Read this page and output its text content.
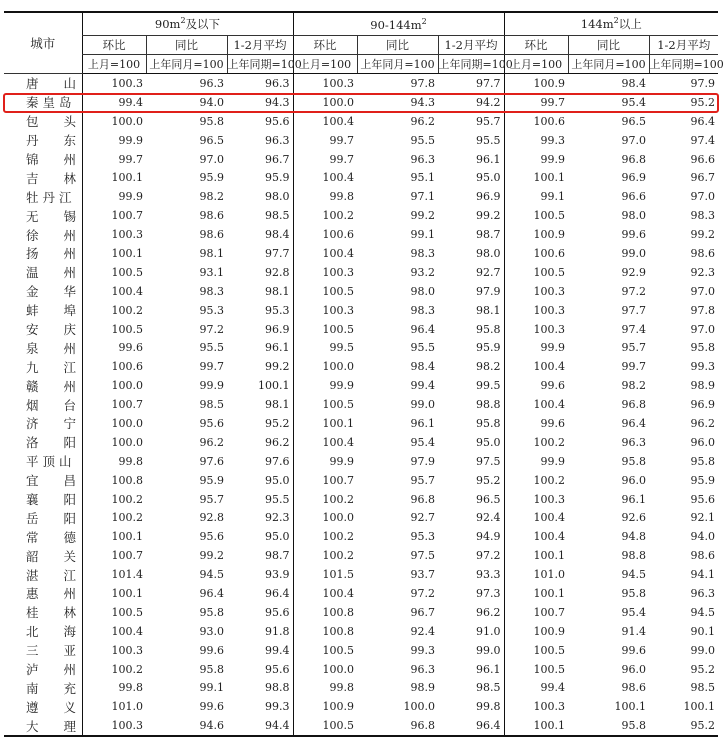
城市	$90m^2$及以下			$90-144m^2$			$144m^2$以上		
	环比	同比	1-2月平均	环比	同比	1-2月平均	环比	同比	1-2月平均
	上月=100	上年同月=100	上年同期=100	上月=100	上年同月=100	上年同期=100	上月=100	上年同月=100	上年同期=100
唐　　山	100.3	96.3	96.3	100.3	97.8	97.7	100.9	98.4	97.9
秦 皇 岛	99.4	94.0	94.3	100.0	94.3	94.2	99.7	95.4	95.2
包　　头	100.0	95.8	95.6	100.4	96.2	95.7	100.6	96.5	96.4
丹　　东	99.9	96.5	96.3	99.7	95.5	95.5	99.3	97.0	97.4
锦　　州	99.7	97.0	96.7	99.7	96.3	96.1	99.9	96.8	96.6
吉　　林	100.1	95.9	95.9	100.4	95.1	95.0	100.1	96.9	96.7
牡 丹 江	99.9	98.2	98.0	99.8	97.1	96.9	99.1	96.6	97.0
无　　锡	100.7	98.6	98.5	100.2	99.2	99.2	100.5	98.0	98.3
徐　　州	100.3	98.6	98.4	100.6	99.1	98.7	100.9	99.6	99.2
扬　　州	100.1	98.1	97.7	100.4	98.3	98.0	100.6	99.0	98.6
温　　州	100.5	93.1	92.8	100.3	93.2	92.7	100.5	92.9	92.3
金　　华	100.4	98.3	98.1	100.5	98.0	97.9	100.3	97.2	97.0
蚌　　埠	100.2	95.3	95.3	100.3	98.3	98.1	100.3	97.7	97.8
安　　庆	100.5	97.2	96.9	100.5	96.4	95.8	100.3	97.4	97.0
泉　　州	99.6	95.5	96.1	99.5	95.5	95.9	99.9	95.7	95.8
九　　江	100.6	99.7	99.2	100.0	98.4	98.2	100.4	99.7	99.3
赣　　州	100.0	99.9	100.1	99.9	99.4	99.5	99.6	98.2	98.9
烟　　台	100.7	98.5	98.1	100.5	99.0	98.8	100.4	96.8	96.9
济　　宁	100.0	95.6	95.2	100.1	96.1	95.8	99.6	96.4	96.2
洛　　阳	100.0	96.2	96.2	100.4	95.4	95.0	100.2	96.3	96.0
平 顶 山	99.8	97.6	97.6	99.9	97.9	97.5	99.9	95.8	95.8
宜　　昌	100.8	95.9	95.0	100.7	95.7	95.2	100.2	96.0	95.9
襄　　阳	100.2	95.7	95.5	100.2	96.8	96.5	100.3	96.1	95.6
岳　　阳	100.2	92.8	92.3	100.0	92.7	92.4	100.4	92.6	92.1
常　　德	100.1	95.6	95.0	100.2	95.3	94.9	100.4	94.8	94.0
韶　　关	100.7	99.2	98.7	100.2	97.5	97.2	100.1	98.8	98.6
湛　　江	101.4	94.5	93.9	101.5	93.7	93.3	101.0	94.5	94.1
惠　　州	100.1	96.4	96.4	100.4	97.2	97.3	100.1	95.8	96.3
桂　　林	100.5	95.8	95.6	100.8	96.7	96.2	100.7	95.4	94.5
北　　海	100.4	93.0	91.8	100.8	92.4	91.0	100.9	91.4	90.1
三　　亚	100.3	99.6	99.4	100.5	99.3	99.0	100.5	99.6	99.0
泸　　州	100.2	95.8	95.6	100.0	96.3	96.1	100.5	96.0	95.2
南　　充	99.8	99.1	98.8	99.8	98.9	98.5	99.4	98.6	98.5
遵　　义	101.0	99.6	99.3	100.9	100.0	99.8	100.3	100.1	100.1
大　　理	100.3	94.6	94.4	100.5	96.8	96.4	100.1	95.8	95.2
